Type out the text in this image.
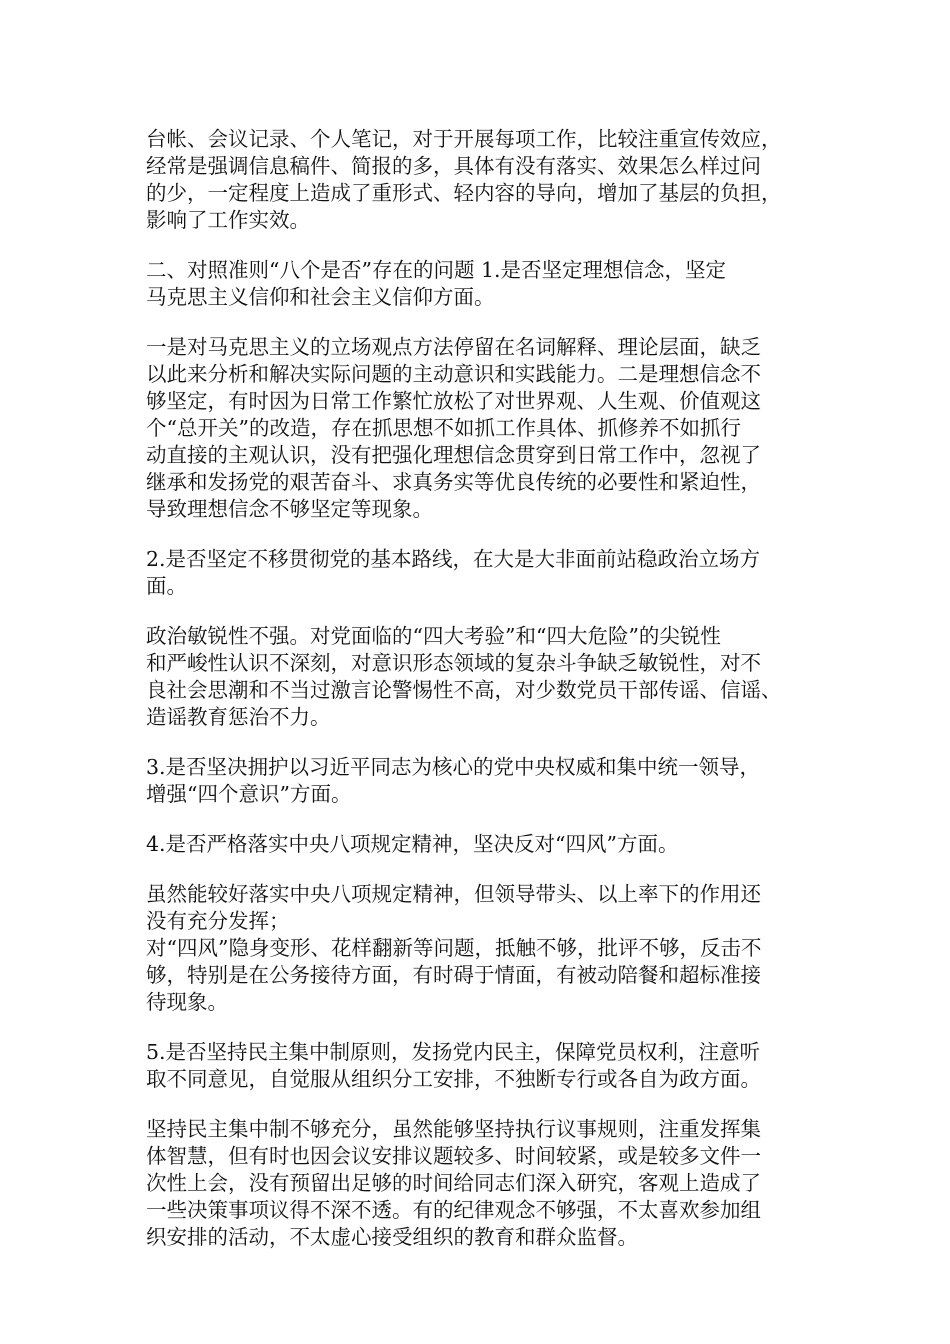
台帐、会议记录、个人笔记，对于开展每项工作，比较注重宣传效应，
经常是强调信息稿件、简报的多，具体有没有落实、效果怎么样过问
的少，一定程度上造成了重形式、轻内容的导向，增加了基层的负担，
影响了工作实效。

二、对照准则“八个是否”存在的问题 1.是否坚定理想信念，坚定
马克思主义信仰和社会主义信仰方面。

一是对马克思主义的立场观点方法停留在名词解释、理论层面，缺乏
以此来分析和解决实际问题的主动意识和实践能力。二是理想信念不
够坚定，有时因为日常工作繁忙放松了对世界观、人生观、价值观这
个“总开关”的改造，存在抓思想不如抓工作具体、抓修养不如抓行
动直接的主观认识，没有把强化理想信念贯穿到日常工作中，忽视了
继承和发扬党的艰苦奋斗、求真务实等优良传统的必要性和紧迫性，
导致理想信念不够坚定等现象。

2.是否坚定不移贯彻党的基本路线，在大是大非面前站稳政治立场方
面。

政治敏锐性不强。对党面临的“四大考验”和“四大危险”的尖锐性
和严峻性认识不深刻，对意识形态领域的复杂斗争缺乏敏锐性，对不
良社会思潮和不当过激言论警惕性不高，对少数党员干部传谣、信谣、
造谣教育惩治不力。

3.是否坚决拥护以习近平同志为核心的党中央权威和集中统一领导，
增强“四个意识”方面。

4.是否严格落实中央八项规定精神，坚决反对“四风”方面。

虽然能较好落实中央八项规定精神，但领导带头、以上率下的作用还
没有充分发挥；
对“四风”隐身变形、花样翻新等问题，抵触不够，批评不够，反击不
够，特别是在公务接待方面，有时碍于情面，有被动陪餐和超标准接
待现象。

5.是否坚持民主集中制原则，发扬党内民主，保障党员权利，注意听
取不同意见，自觉服从组织分工安排，不独断专行或各自为政方面。

坚持民主集中制不够充分，虽然能够坚持执行议事规则，注重发挥集
体智慧，但有时也因会议安排议题较多、时间较紧，或是较多文件一
次性上会，没有预留出足够的时间给同志们深入研究，客观上造成了
一些决策事项议得不深不透。有的纪律观念不够强，不太喜欢参加组
织安排的活动，不太虚心接受组织的教育和群众监督。
